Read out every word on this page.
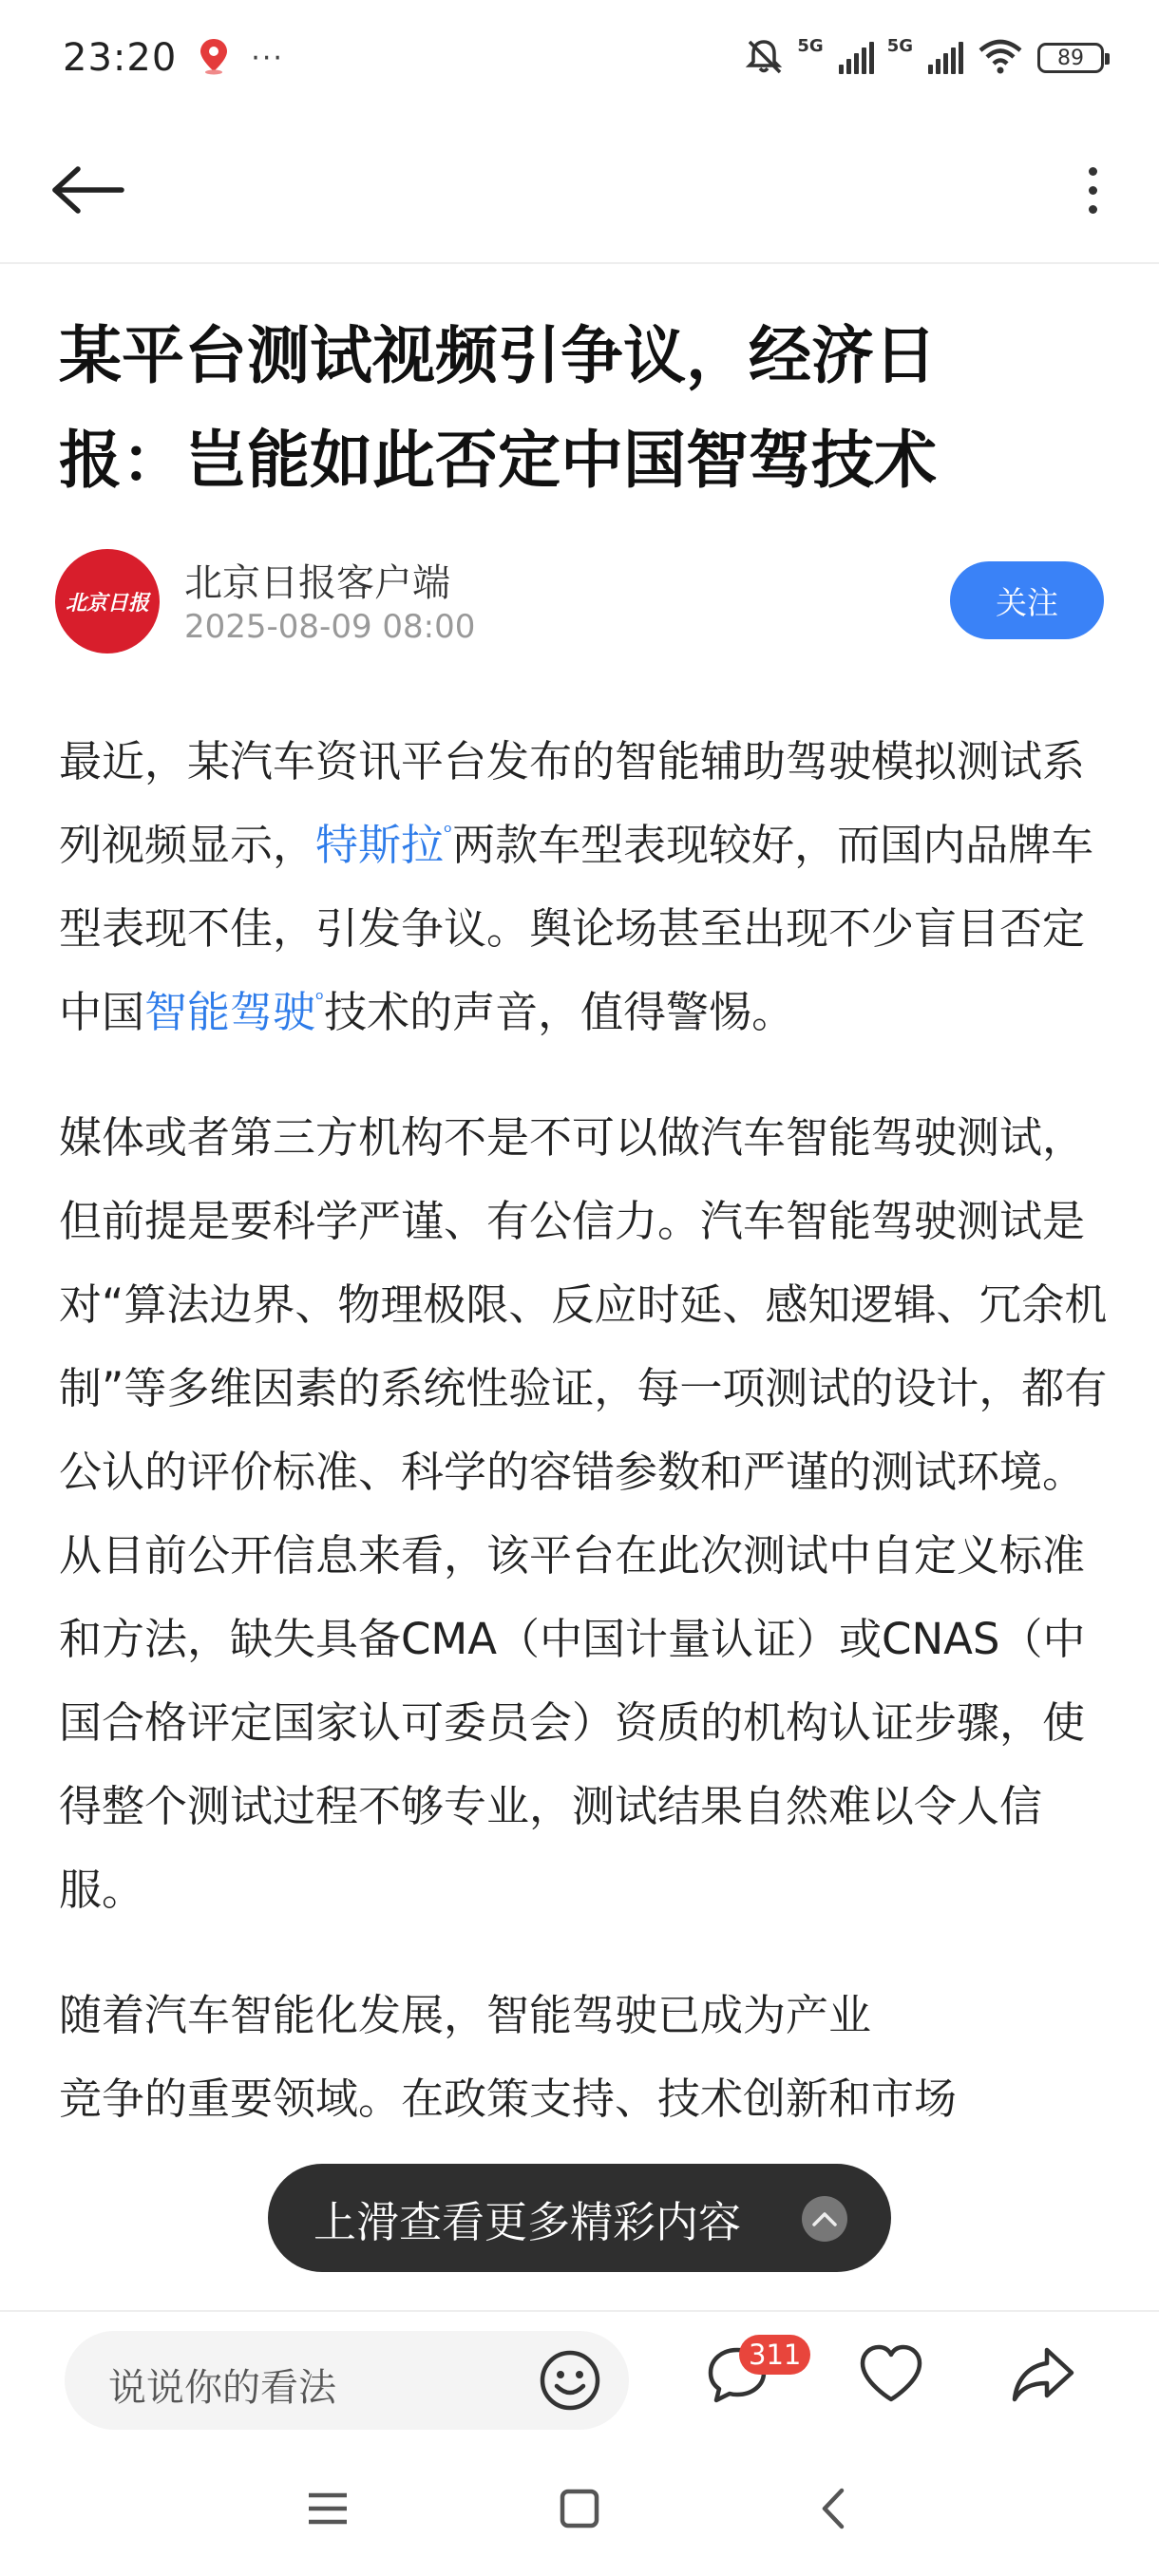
23:20	···	5G	5G	89
某平台测试视频引争议，经济日
报：岂能如此否定中国智驾技术
北京日报 北京日报客户端
2025-08-09 08:00
关注

最近，某汽车资讯平台发布的智能辅助驾驶模拟测试系列视频显示，特斯拉$^ᵒ$两款车型表现较好，而国内品牌车型表现不佳，引发争议。舆论场甚至出现不少盲目否定中国智能驾驶$^ᵒ$技术的声音，值得警惕。

媒体或者第三方机构不是不可以做汽车智能驾驶测试，但前提是要科学严谨、有公信力。汽车智能驾驶测试是对“算法边界、物理极限、反应时延、感知逻辑、冗余机制”等多维因素的系统性验证，每一项测试的设计，都有公认的评价标准、科学的容错参数和严谨的测试环境。从目前公开信息来看，该平台在此次测试中自定义标准和方法，缺失具备CMA（中国计量认证）或CNAS（中国合格评定国家认可委员会）资质的机构认证步骤，使得整个测试过程不够专业，测试结果自然难以令人信服。

随着汽车智能化发展，智能驾驶已成为产业
竞争的重要领域。在政策支持、技术创新和市场

上滑查看更多精彩内容
说说你的看法
311
